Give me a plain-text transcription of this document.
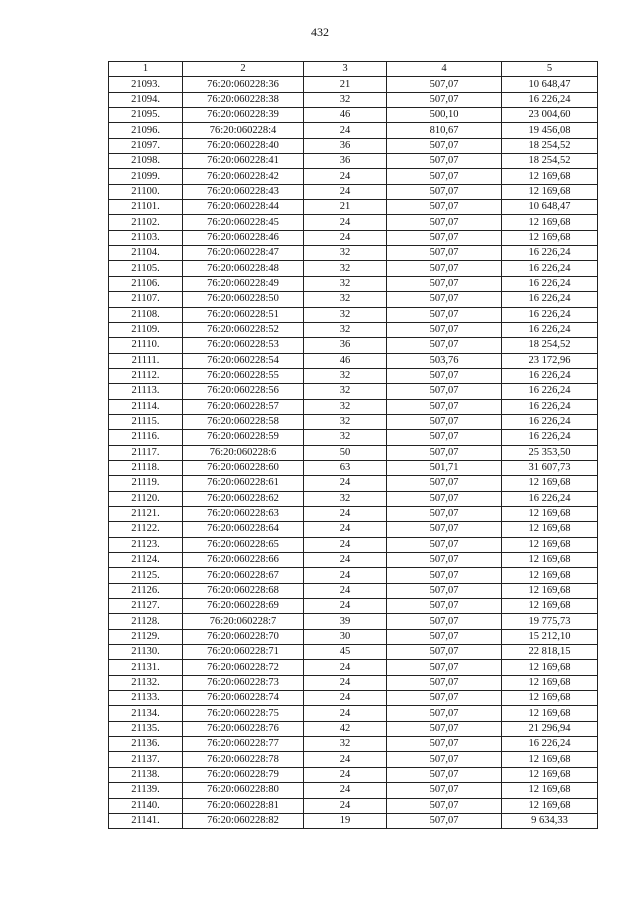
432
1	2	3	4	5
21093.	76:20:060228:36	21	507,07	10 648,47
21094.	76:20:060228:38	32	507,07	16 226,24
21095.	76:20:060228:39	46	500,10	23 004,60
21096.	76:20:060228:4	24	810,67	19 456,08
21097.	76:20:060228:40	36	507,07	18 254,52
21098.	76:20:060228:41	36	507,07	18 254,52
21099.	76:20:060228:42	24	507,07	12 169,68
21100.	76:20:060228:43	24	507,07	12 169,68
21101.	76:20:060228:44	21	507,07	10 648,47
21102.	76:20:060228:45	24	507,07	12 169,68
21103.	76:20:060228:46	24	507,07	12 169,68
21104.	76:20:060228:47	32	507,07	16 226,24
21105.	76:20:060228:48	32	507,07	16 226,24
21106.	76:20:060228:49	32	507,07	16 226,24
21107.	76:20:060228:50	32	507,07	16 226,24
21108.	76:20:060228:51	32	507,07	16 226,24
21109.	76:20:060228:52	32	507,07	16 226,24
21110.	76:20:060228:53	36	507,07	18 254,52
21111.	76:20:060228:54	46	503,76	23 172,96
21112.	76:20:060228:55	32	507,07	16 226,24
21113.	76:20:060228:56	32	507,07	16 226,24
21114.	76:20:060228:57	32	507,07	16 226,24
21115.	76:20:060228:58	32	507,07	16 226,24
21116.	76:20:060228:59	32	507,07	16 226,24
21117.	76:20:060228:6	50	507,07	25 353,50
21118.	76:20:060228:60	63	501,71	31 607,73
21119.	76:20:060228:61	24	507,07	12 169,68
21120.	76:20:060228:62	32	507,07	16 226,24
21121.	76:20:060228:63	24	507,07	12 169,68
21122.	76:20:060228:64	24	507,07	12 169,68
21123.	76:20:060228:65	24	507,07	12 169,68
21124.	76:20:060228:66	24	507,07	12 169,68
21125.	76:20:060228:67	24	507,07	12 169,68
21126.	76:20:060228:68	24	507,07	12 169,68
21127.	76:20:060228:69	24	507,07	12 169,68
21128.	76:20:060228:7	39	507,07	19 775,73
21129.	76:20:060228:70	30	507,07	15 212,10
21130.	76:20:060228:71	45	507,07	22 818,15
21131.	76:20:060228:72	24	507,07	12 169,68
21132.	76:20:060228:73	24	507,07	12 169,68
21133.	76:20:060228:74	24	507,07	12 169,68
21134.	76:20:060228:75	24	507,07	12 169,68
21135.	76:20:060228:76	42	507,07	21 296,94
21136.	76:20:060228:77	32	507,07	16 226,24
21137.	76:20:060228:78	24	507,07	12 169,68
21138.	76:20:060228:79	24	507,07	12 169,68
21139.	76:20:060228:80	24	507,07	12 169,68
21140.	76:20:060228:81	24	507,07	12 169,68
21141.	76:20:060228:82	19	507,07	9 634,33
